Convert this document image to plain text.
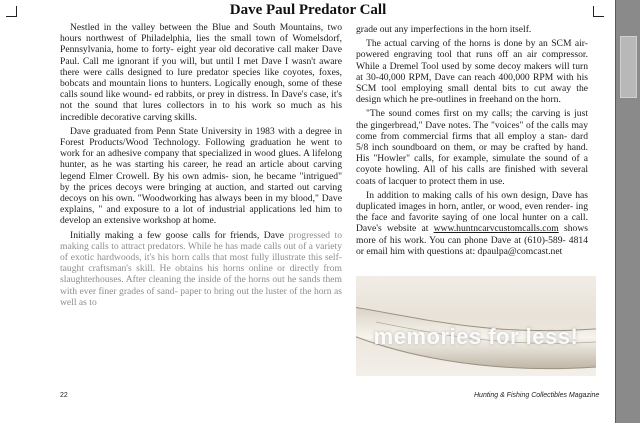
Dave Paul Predator Call

Nestled in the valley between the Blue and South Mountains, two hours northwest of Philadelphia, lies the small town of Womelsdorf, Pennsylvania, home to forty- eight year old decorative call maker Dave Paul. Call me ignorant if you will, but until I met Dave I wasn't aware there were calls designed to lure predator species like coyotes, foxes, bobcats and mountain lions to hunters. Logically enough, some of these calls sound like wound- ed rabbits, or prey in distress. In Dave's case, it's not the sound that lures collectors in to his work so much as his incredible decorative carving skills.

Dave graduated from Penn State University in 1983 with a degree in Forest Products/Wood Technology. Following graduation he went to work for an adhesive company that specialized in wood glues. A lifelong hunter, as he was starting his career, he read an article about carving legend Elmer Crowell. By his own admis- sion, he became "intrigued" by the prices decoys were bringing at auction, and started out carving decoys on his own. "Woodworking has always been in my blood," Dave explains, " and exposure to a lot of industrial applications led him to develop an extensive workshop at home.

Initially making a few goose calls for friends, Dave progressed to making calls to attract predators. While he has made calls out of a variety of exotic hardwoods, it's his horn calls that most fully illustrate this self-taught craftsman's skill. He obtains his horns online or directly from slaughterhouses. After cleaning the inside of the horns out he sands them with ever finer grades of sand- paper to bring out the luster of the horn as well as to

grade out any imperfections in the horn itself.

The actual carving of the horns is done by an SCM air-powered engraving tool that runs off an air compressor. While a Dremel Tool used by some decoy makers will turn at 30-40,000 RPM, Dave can reach 400,000 RPM with his SCM tool employing small dental bits to cut away the design which he pre-outlines in freehand on the horn.

"The sound comes first on my calls; the carving is just the gingerbread," Dave notes. The "voices" of the calls may come from commercial firms that all employ a stan- dard 5/8 inch soundboard on them, or may be crafted by hand. His "Howler" calls, for example, simulate the sound of a coyote howling. All of his calls are finished with several coats of lacquer to protect them in use.

In addition to making calls of his own design, Dave has duplicated images in horn, antler, or wood, even render- ing the face and favorite saying of one local hunter on a call. Dave's website at www.huntncarvcustomcalls.com shows more of his work. You can phone Dave at (610)-589- 4814 or email him with questions at: dpaulpa@comcast.net

memories for less!
22	Hunting & Fishing Collectibles Magazine
